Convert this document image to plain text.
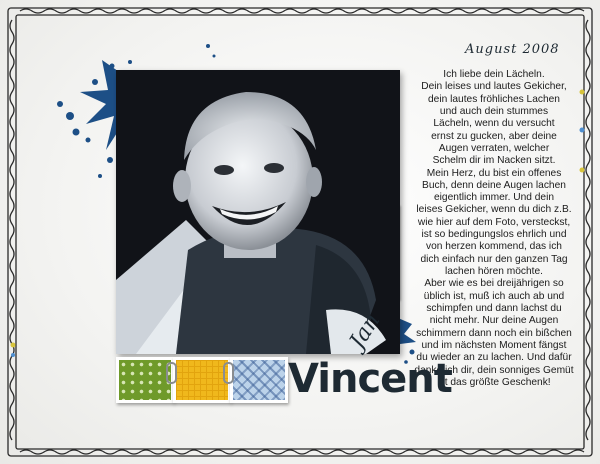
August 2008

Ich liebe dein Lächeln.
Dein leises und lautes Gekicher,
dein lautes fröhliches Lachen
und auch dein stummes
Lächeln, wenn du versucht
ernst zu gucken, aber deine
Augen verraten, welcher
Schelm dir im Nacken sitzt.
Mein Herz, du bist ein offenes
Buch, denn deine Augen lachen
eigentlich immer. Und dein
leises Gekicher, wenn du dich z.B.
wie hier auf dem Foto, versteckst,
ist so bedingungslos ehrlich und
von herzen kommend, das ich
dich einfach nur den ganzen Tag
lachen hören möchte.
Aber wie es bei dreijährigen so
üblich ist, muß ich auch ab und
schimpfen und dann lachst du
nicht mehr. Nur deine Augen
schimmern dann noch ein bißchen
und im nächsten Moment fängst
du wieder an zu lachen. Und dafür
danke ich dir, dein sonniges Gemüt
ist das größte Geschenk!

Jan
Vincent
